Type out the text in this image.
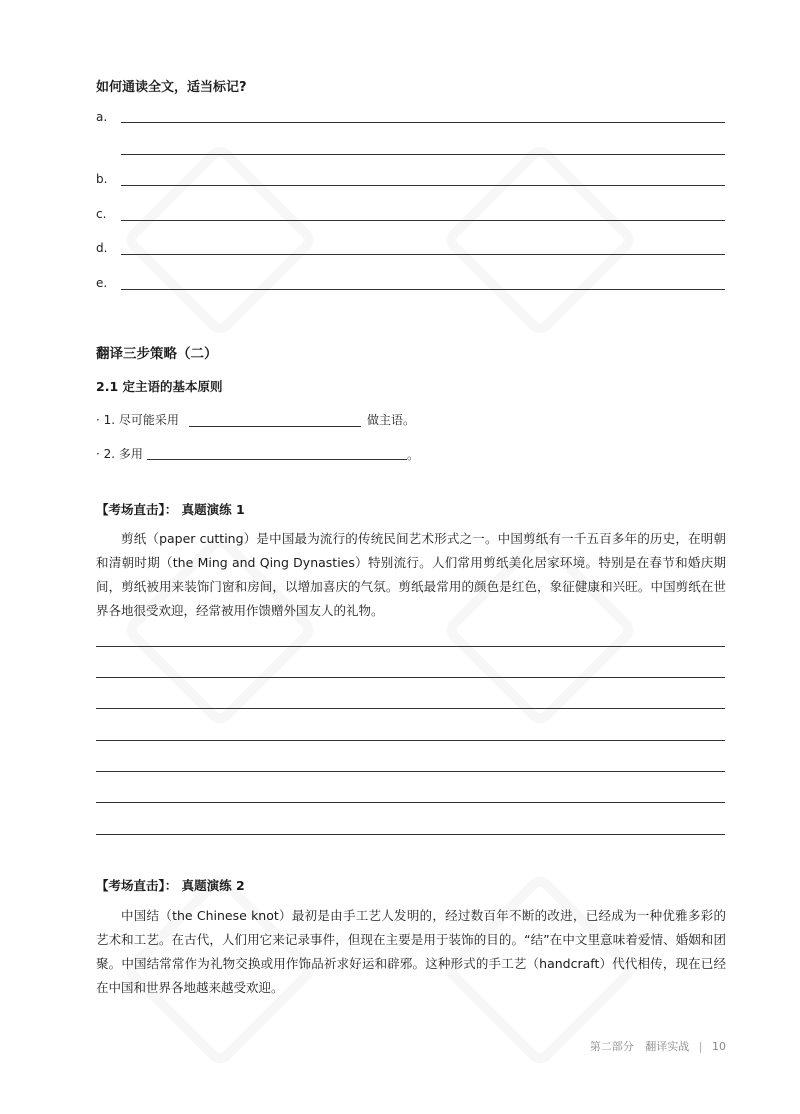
如何通读全文，适当标记?
a.
b.
c.
d.
e.
翻译三步策略（二）
2.1 定主语的基本原则
· 1. 尽可能采用	做主语。
· 2. 多用	。
【考场直击】： 真题演练 1

剪纸（paper cutting）是中国最为流行的传统民间艺术形式之一。中国剪纸有一千五百多年的历史，在明朝和清朝时期（the Ming and Qing Dynasties）特别流行。人们常用剪纸美化居家环境。特别是在春节和婚庆期间，剪纸被用来装饰门窗和房间，以增加喜庆的气氛。剪纸最常用的颜色是红色，象征健康和兴旺。中国剪纸在世界各地很受欢迎，经常被用作馈赠外国友人的礼物。

【考场直击】： 真题演练 2

中国结（the Chinese knot）最初是由手工艺人发明的，经过数百年不断的改进，已经成为一种优雅多彩的艺术和工艺。在古代，人们用它来记录事件，但现在主要是用于装饰的目的。“结”在中文里意味着爱情、婚姻和团聚。中国结常常作为礼物交换或用作饰品祈求好运和辟邪。这种形式的手工艺（handcraft）代代相传，现在已经在中国和世界各地越来越受欢迎。

第二部分 翻译实战 | 10
